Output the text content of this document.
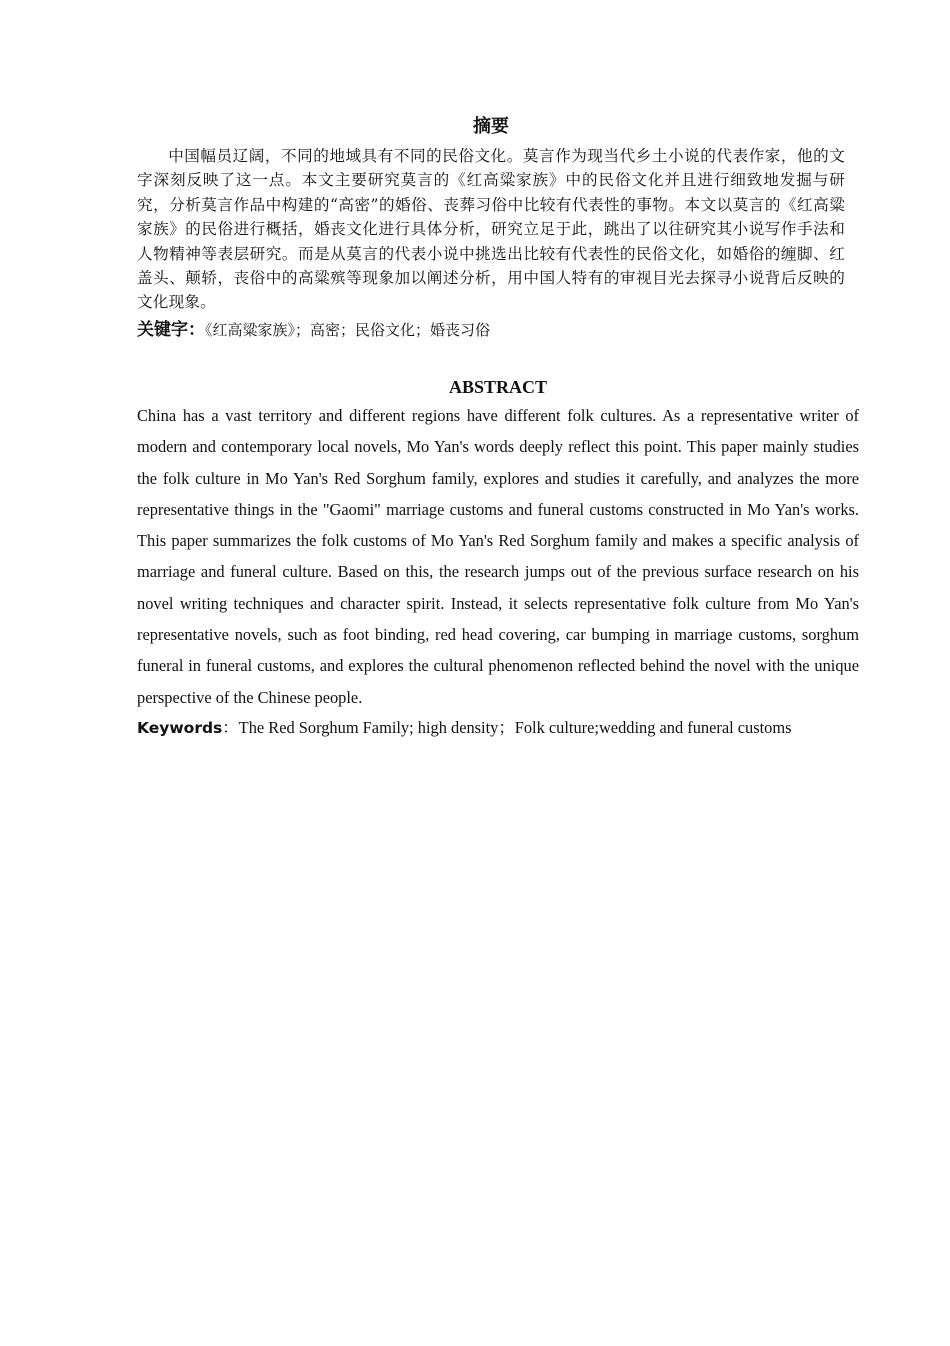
摘要

中国幅员辽阔，不同的地域具有不同的民俗文化。莫言作为现当代乡土小说的代表作家，他的文字深刻反映了这一点。本文主要研究莫言的《红高粱家族》中的民俗文化并且进行细致地发掘与研究，分析莫言作品中构建的“高密”的婚俗、丧葬习俗中比较有代表性的事物。本文以莫言的《红高粱家族》的民俗进行概括，婚丧文化进行具体分析，研究立足于此，跳出了以往研究其小说写作手法和人物精神等表层研究。而是从莫言的代表小说中挑选出比较有代表性的民俗文化，如婚俗的缠脚、红盖头、颠轿，丧俗中的高粱殡等现象加以阐述分析，用中国人特有的审视目光去探寻小说背后反映的文化现象。

关键字：《红高粱家族》；高密；民俗文化；婚丧习俗

ABSTRACT

China has a vast territory and different regions have different folk cultures. As a representative writer of modern and contemporary local novels, Mo Yan's words deeply reflect this point. This paper mainly studies the folk culture in Mo Yan's Red Sorghum family, explores and studies it carefully, and analyzes the more representative things in the "Gaomi" marriage customs and funeral customs constructed in Mo Yan's works. This paper summarizes the folk customs of Mo Yan's Red Sorghum family and makes a specific analysis of marriage and funeral culture. Based on this, the research jumps out of the previous surface research on his novel writing techniques and character spirit. Instead, it selects representative folk culture from Mo Yan's representative novels, such as foot binding, red head covering, car bumping in marriage customs, sorghum funeral in funeral customs, and explores the cultural phenomenon reflected behind the novel with the unique perspective of the Chinese people.

Keywords：The Red Sorghum Family; high density；Folk culture;wedding and funeral customs
